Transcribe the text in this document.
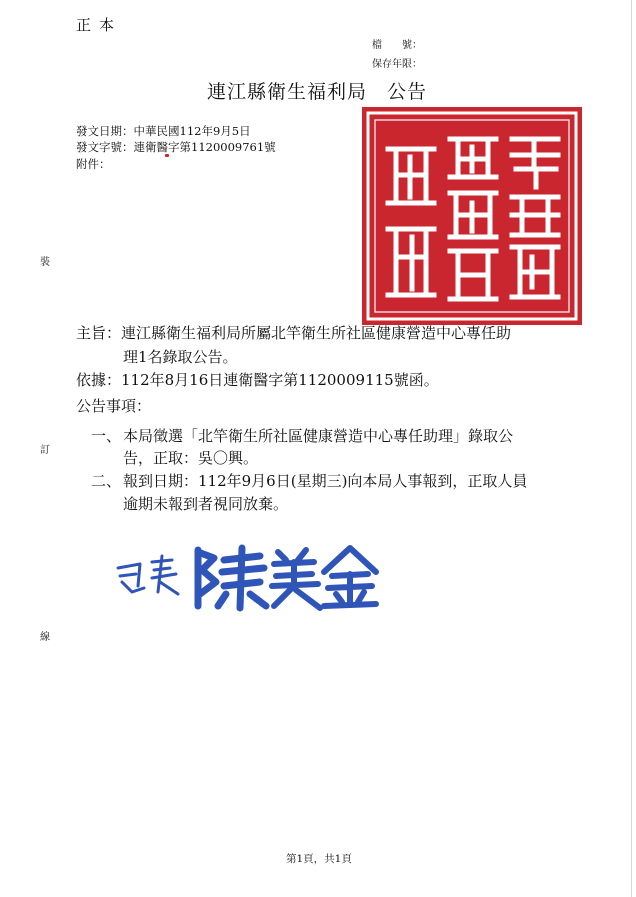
正本
檔　　號：
保存年限：
連江縣衛生福利局　公告
發文日期：中華民國112年9月5日
發文字號：連衛醫字第1120009761號
附件：
裝
訂
線
主旨：連江縣衛生福利局所屬北竿衛生所社區健康營造中心專任助
理1名錄取公告。
依據：112年8月16日連衛醫字第1120009115號函。
公告事項：
一、 本局徵選「北竿衛生所社區健康營造中心專任助理」錄取公
告，正取：吳〇興。
二、 報到日期：112年9月6日(星期三)向本局人事報到，正取人員
逾期未報到者視同放棄。
第1頁，共1頁
